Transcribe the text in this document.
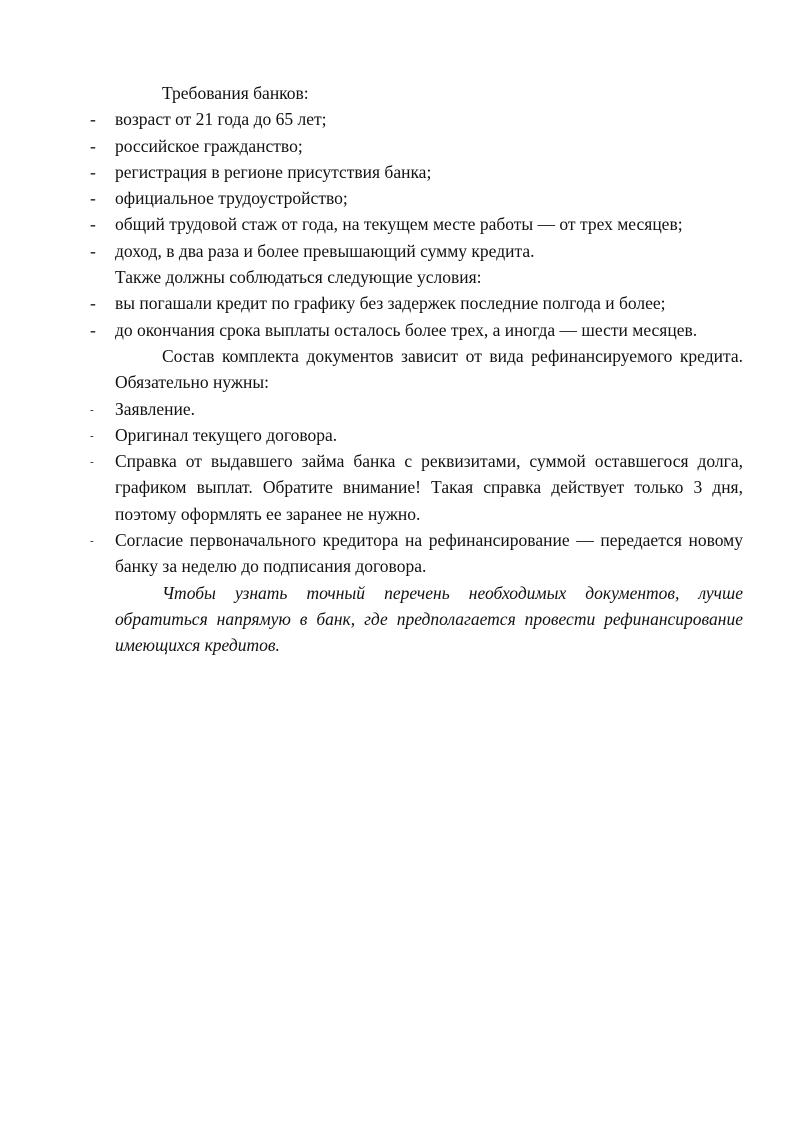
Требования банков:

- возраст от 21 года до 65 лет;
- российское гражданство;
- регистрация в регионе присутствия банка;
- официальное трудоустройство;
- общий трудовой стаж от года, на текущем месте работы — от трех месяцев;
- доход, в два раза и более превышающий сумму кредита.

Также должны соблюдаться следующие условия:

- вы погашали кредит по графику без задержек последние полгода и более;
- до окончания срока выплаты осталось более трех, а иногда — шести месяцев.

Состав комплекта документов зависит от вида рефинансируемого кредита. Обязательно нужны:

- Заявление.
- Оригинал текущего договора.
- Справка от выдавшего займа банка с реквизитами, суммой оставшегося долга, графиком выплат. Обратите внимание! Такая справка действует только 3 дня, поэтому оформлять ее заранее не нужно.
- Согласие первоначального кредитора на рефинансирование — передается новому банку за неделю до подписания договора.

Чтобы узнать точный перечень необходимых документов, лучше обратиться напрямую в банк, где предполагается провести рефинансирование имеющихся кредитов.
